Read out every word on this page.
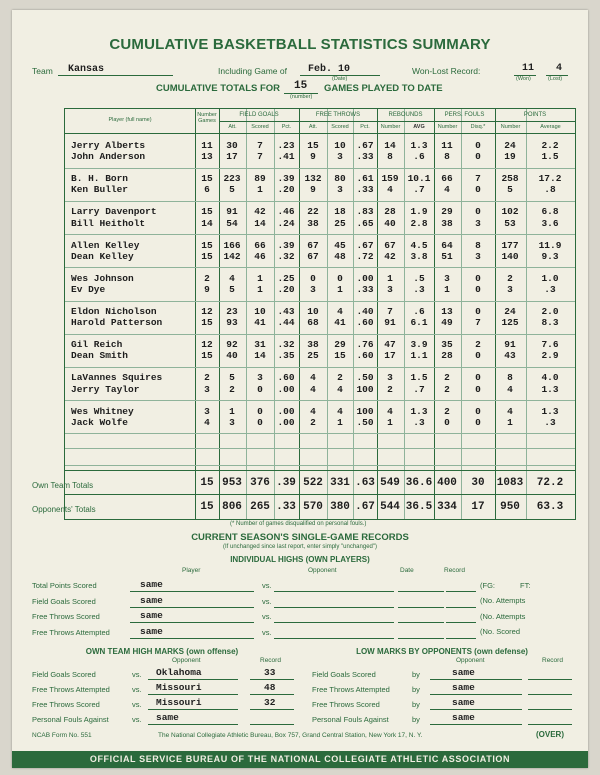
CUMULATIVE BASKETBALL STATISTICS SUMMARY
Team Kansas	Including Game of Feb. 10
(Date)
Won-Lost Record:	11 4
(Won)	(Lost)
CUMULATIVE TOTALS FOR 15
(number)
GAMES PLAYED TO DATE
Player (full name)
Number Games
FIELD GOALS	FREE THROWS	REBOUNDS	PERS. FOULS	POINTS
Att.	Scored	Pct.	Att.	Scored	Pct.	Number	AVG	Number	Disq.*	Number	Average
Jerry Alberts	11	30	7	.23	15	10	.67	14	1.3	11	0	24	2.2
John Anderson	13	17	7	.41	9	3	.33	8	.6	8	0	19	1.5
B. H. Born	15	223	89	.39	132	80	.61 159 10.1	66	7	258	17.2
Ken Buller	6	5	1	.20	9	3	.33	4	.7	4	0	5	.8
Larry Davenport	15	91	42	.46	22	18	.83	28	1.9	29	0	102	6.8
Bill Heitholt	14	54	14	.24	38	25	.65	40	2.8	38	3	53	3.6
Allen Kelley	15	166	66	.39	67	45	.67	67	4.5	64	8	177	11.9
Dean Kelley	15	142	46	.32	67	48	.72	42	3.8	51	3	140	9.3
Wes Johnson	2	4	1	.25	0	0	.00	1	.5	3	0	2	1.0
Ev Dye	9	5	1	.20	3	1	.33	3	.3	1	0	3	.3
Eldon Nicholson	12	23	10	.43	10	4	.40	7	.6	13	0	24	2.0
Harold Patterson	15	93	41	.44	68	41	.60	91	6.1	49	7	125	8.3
Gil Reich	12	92	31	.32	38	29	.76	47	3.9	35	2	91	7.6
Dean Smith	15	40	14	.35	25	15	.60	17	1.1	28	0	43	2.9
LaVannes Squires	2	5	3	.60	4	2	.50	3	1.5	2	0	8	4.0
Jerry Taylor	3	2	0	.00	4	4	100	2	.7	2	0	4	1.3
Wes Whitney	3	1	0	.00	4	4	100	4	1.3	2	0	4	1.3
Jack Wolfe	4	3	0	.00	2	1	.50	1	.3	0	0	1	.3
15 953 376 .39 522 331 .63 549 36.6 400	30	1083	72.2
15 806 265 .33 570 380 .67 544 36.5 334	17	950	63.3
Own Team Totals
Opponents' Totals
(* Number of games disqualified on personal fouls.)
CURRENT SEASON'S SINGLE-GAME RECORDS
(If unchanged since last report, enter simply "unchanged")
INDIVIDUAL HIGHS (OWN PLAYERS)
Player	Opponent	Date	Record
(FG:	FT:
(No. Attempts
(No. Attempts
(No. Scored
OWN TEAM HIGH MARKS (own offense)	LOW MARKS BY OPPONENTS (own defense)
Opponent	Record	Opponent	Record
NCAB Form No. 551	The National Collegiate Athletic Bureau, Box 757, Grand Central Station, New York 17, N. Y.	(OVER)
OFFICIAL SERVICE BUREAU OF THE NATIONAL COLLEGIATE ATHLETIC ASSOCIATION
Total Points Scored	same	vs.
Field Goals Scored	same	vs.
Free Throws Scored	same	vs.
Free Throws Attempted	same	vs.
Field Goals Scored	vs. Oklahoma	33
Free Throws Attempted	vs. Missouri	48
Free Throws Scored	vs. Missouri	32
Personal Fouls Against	vs. same
Field Goals Scored	by	same
Free Throws Attempted	by	same
Free Throws Scored	by	same
Personal Fouls Against	by	same
